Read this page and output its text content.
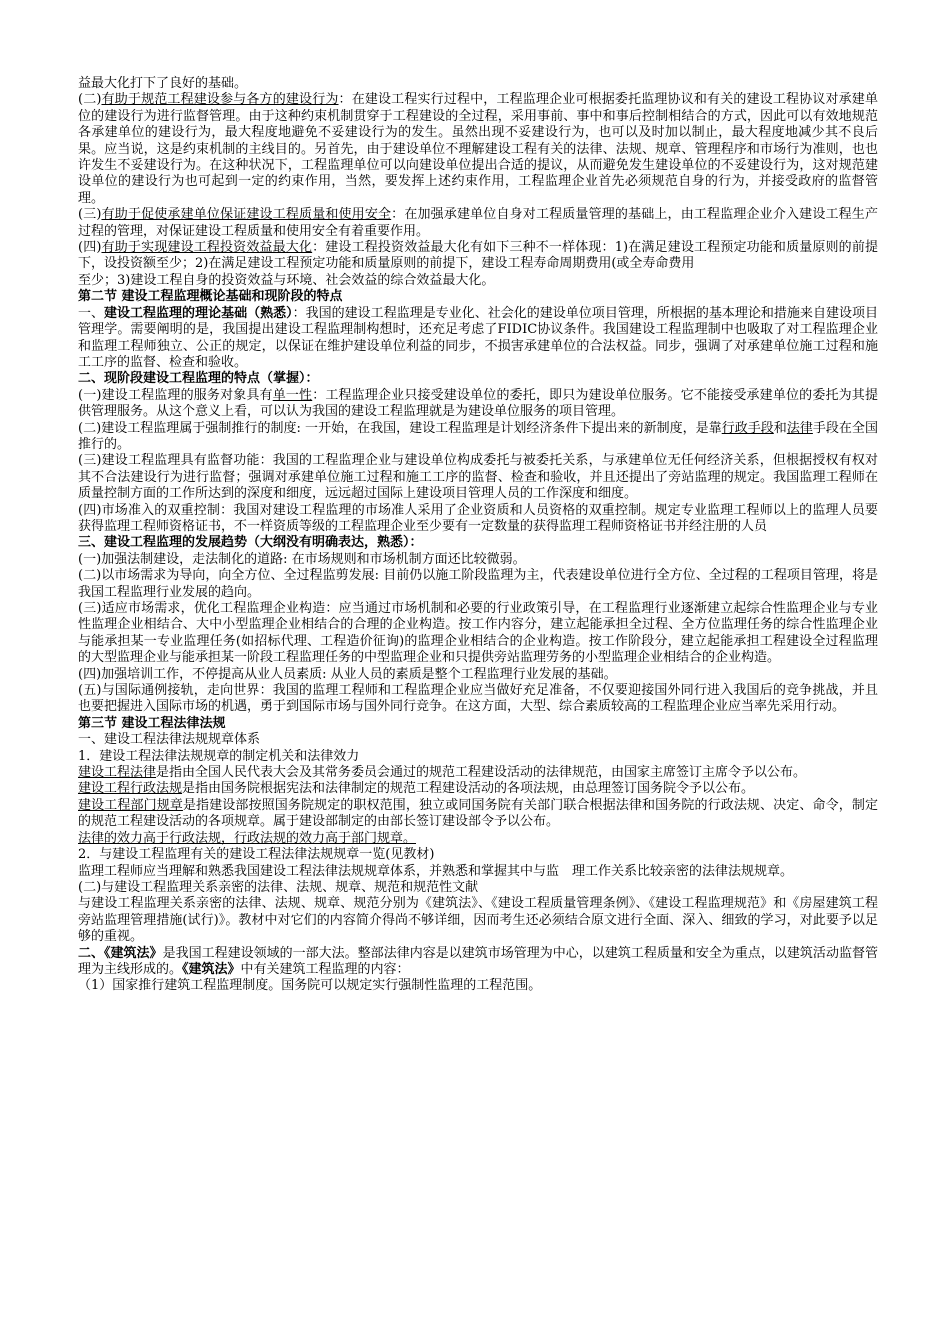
益最大化打下了良好的基础。

(二)有助于规范工程建设参与各方的建设行为：在建设工程实行过程中，工程监理企业可根据委托监理协议和有关的建设工程协议对承建单位的建设行为进行监督管理。由于这种约束机制贯穿于工程建设的全过程，采用事前、事中和事后控制相结合的方式，因此可以有效地规范各承建单位的建设行为，最大程度地避免不妥建设行为的发生。虽然出现不妥建设行为，也可以及时加以制止，最大程度地减少其不良后果。应当说，这是约束机制的主线目的。另首先，由于建设单位不理解建设工程有关的法律、法规、规章、管理程序和市场行为准则，也也许发生不妥建设行为。在这种状况下，工程监理单位可以向建设单位提出合适的提议，从而避免发生建设单位的不妥建设行为，这对规范建设单位的建设行为也可起到一定的约束作用，当然，要发挥上述约束作用，工程监理企业首先必须规范自身的行为，并接受政府的监督管理。

(三)有助于促使承建单位保证建设工程质量和使用安全：在加强承建单位自身对工程质量管理的基础上，由工程监理企业介入建设工程生产过程的管理，对保证建设工程质量和使用安全有着重要作用。

(四)有助于实现建设工程投资效益最大化：建设工程投资效益最大化有如下三种不一样体现：1)在满足建设工程预定功能和质量原则的前提下，设投资额至少；2)在满足建设工程预定功能和质量原则的前提下，建设工程寿命周期费用(或全寿命费用

至少；3)建设工程自身的投资效益与环境、社会效益的综合效益最大化。

第二节 建设工程监理概论基础和现阶段的特点

一、建设工程监理的理论基础（熟悉）：我国的建设工程监理是专业化、社会化的建设单位项目管理，所根据的基本理论和措施来自建设项目管理学。需要阐明的是，我国提出建设工程监理制构想时，还充足考虑了FIDIC协议条件。我国建设工程监理制中也吸取了对工程监理企业和监理工程师独立、公正的规定，以保证在维护建设单位利益的同步，不损害承建单位的合法权益。同步，强调了对承建单位施工过程和施工工序的监督、检查和验收。

二、现阶段建设工程监理的特点（掌握）：

(一)建设工程监理的服务对象具有单一性：工程监理企业只接受建设单位的委托，即只为建设单位服务。它不能接受承建单位的委托为其提供管理服务。从这个意义上看，可以认为我国的建设工程监理就是为建设单位服务的项目管理。

(二)建设工程监理属于强制推行的制度: 一开始，在我国，建设工程监理是计划经济条件下提出来的新制度，是靠行政手段和法律手段在全国推行的。

(三)建设工程监理具有监督功能：我国的工程监理企业与建设单位构成委托与被委托关系，与承建单位无任何经济关系，但根据授权有权对其不合法建设行为进行监督；强调对承建单位施工过程和施工工序的监督、检查和验收，并且还提出了旁站监理的规定。我国监理工程师在质量控制方面的工作所达到的深度和细度，远远超过国际上建设项目管理人员的工作深度和细度。

(四)市场准入的双重控制：我国对建设工程监理的市场准人采用了企业资质和人员资格的双重控制。规定专业监理工程师以上的监理人员要获得监理工程师资格证书，不一样资质等级的工程监理企业至少要有一定数量的获得监理工程师资格证书并经注册的人员

三、建设工程监理的发展趋势（大纲没有明确表达，熟悉）：

(一)加强法制建设，走法制化的道路: 在市场规则和市场机制方面还比较微弱。

(二)以市场需求为导向，向全方位、全过程监剪发展: 目前仍以施工阶段监理为主，代表建设单位进行全方位、全过程的工程项目管理，将是我国工程监理行业发展的趋向。

(三)适应市场需求，优化工程监理企业构造：应当通过市场机制和必要的行业政策引导，在工程监理行业逐渐建立起综合性监理企业与专业性监理企业相结合、大中小型监理企业相结合的合理的企业构造。按工作内容分，建立起能承担全过程、全方位监理任务的综合性监理企业与能承担某一专业监理任务(如招标代理、工程造价征询)的监理企业相结合的企业构造。按工作阶段分，建立起能承担工程建设全过程监理的大型监理企业与能承担某一阶段工程监理任务的中型监理企业和只提供旁站监理劳务的小型监理企业相结合的企业构造。

(四)加强培训工作，不停提高从业人员素质: 从业人员的素质是整个工程监理行业发展的基础。

(五)与国际通例接轨，走向世界：我国的监理工程师和工程监理企业应当做好充足准备，不仅要迎接国外同行进入我国后的竞争挑战，并且也要把握进入国际市场的机遇，勇于到国际市场与国外同行竞争。在这方面，大型、综合素质较高的工程监理企业应当率先采用行动。

第三节 建设工程法律法规

一、建设工程法律法规规章体系

1．建设工程法律法规规章的制定机关和法律效力

建设工程法律是指由全国人民代表大会及其常务委员会通过的规范工程建设活动的法律规范，由国家主席签订主席令予以公布。

建设工程行政法规是指由国务院根据宪法和法律制定的规范工程建设活动的各项法规，由总理签订国务院令予以公布。

建设工程部门规章是指建设部按照国务院规定的职权范围，独立或同国务院有关部门联合根据法律和国务院的行政法规、决定、命令，制定的规范工程建设活动的各项规章。属于建设部制定的由部长签订建设部令予以公布。

法律的效力高于行政法规，行政法规的效力高于部门规章。

2．与建设工程监理有关的建设工程法律法规规章一览(见教材)

监理工程师应当理解和熟悉我国建设工程法律法规规章体系，并熟悉和掌握其中与监　理工作关系比较亲密的法律法规规章。

(二)与建设工程监理关系亲密的法律、法规、规章、规范和规范性文献

与建设工程监理关系亲密的法律、法规、规章、规范分别为《建筑法》、《建设工程质量管理条例》、《建设工程监理规范》和《房屋建筑工程旁站监理管理措施(试行)》。教材中对它们的内容简介得尚不够详细，因而考生还必须结合原文进行全面、深入、细致的学习，对此要予以足够的重视。

二、《建筑法》是我国工程建设领域的一部大法。整部法律内容是以建筑市场管理为中心，以建筑工程质量和安全为重点，以建筑活动监督管理为主线形成的。《建筑法》中有关建筑工程监理的内容：

（1）国家推行建筑工程监理制度。国务院可以规定实行强制性监理的工程范围。
